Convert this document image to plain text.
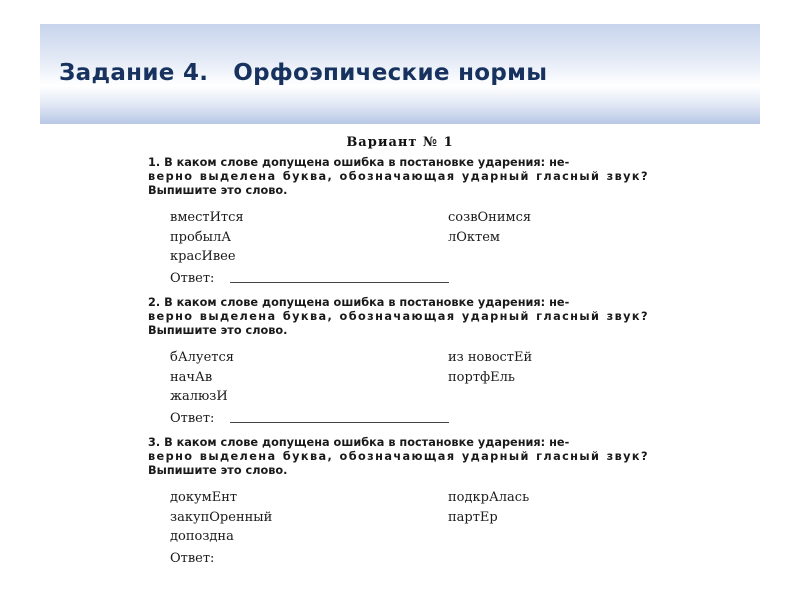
Задание 4.   Орфоэпические нормы
Вариант № 1
1. В каком слове допущена ошибка в постановке ударения: не-
верно выделена буква, обозначающая ударный гласный звук?
Выпишите это слово.
вместИтся	созвОнимся
пробылА	лОктем
красИвее
Ответ:
2. В каком слове допущена ошибка в постановке ударения: не-
верно выделена буква, обозначающая ударный гласный звук?
Выпишите это слово.
бАлуется	из новостЕй
начАв	портфЕль
жалюзИ
Ответ:
3. В каком слове допущена ошибка в постановке ударения: не-
верно выделена буква, обозначающая ударный гласный звук?
Выпишите это слово.
докумЕнт	подкрАлась
закупОренный	партЕр
допоздна
Ответ:
